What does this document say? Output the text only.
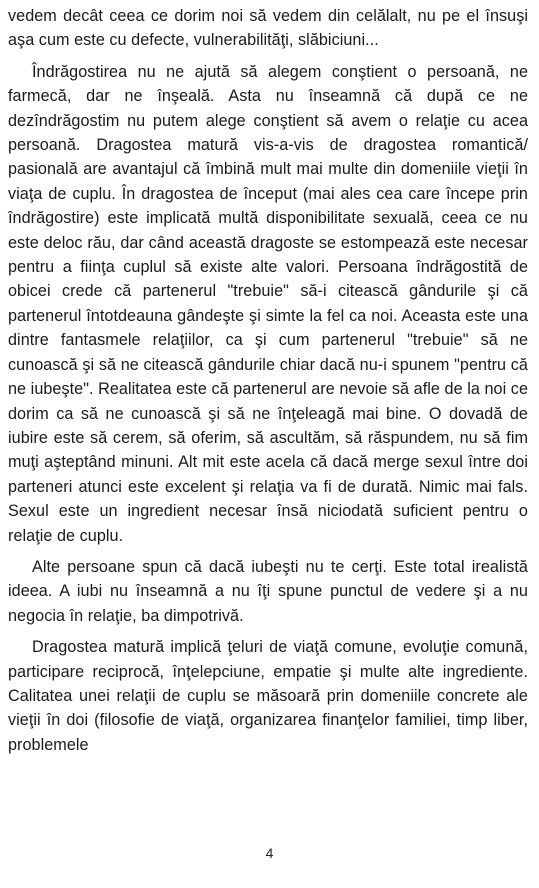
vedem decât ceea ce dorim noi să vedem din celălalt, nu pe el însuşi aşa cum este cu defecte, vulnerabilităţi, slăbiciuni...

Îndrăgostirea nu ne ajută să alegem conştient o persoană, ne farmecă, dar ne înşeală. Asta nu înseamnă că după ce ne dezîndrăgostim nu putem alege conştient să avem o relaţie cu acea persoană. Dragostea matură vis-a-vis de dragostea romantică/ pasională are avantajul că îmbină mult mai multe din domeniile vieţii în viaţa de cuplu. În dragostea de început (mai ales cea care începe prin îndrăgostire) este implicată multă disponibilitate sexuală, ceea ce nu este deloc rău, dar când această dragoste se estompează este necesar pentru a fiinţa cuplul să existe alte valori. Persoana îndrăgostită de obicei crede că partenerul "trebuie" să-i citească gândurile şi că partenerul întotdeauna gândeşte şi simte la fel ca noi. Aceasta este una dintre fantasmele relaţiilor, ca şi cum partenerul "trebuie" să ne cunoască şi să ne citească gândurile chiar dacă nu-i spunem "pentru că ne iubeşte". Realitatea este că partenerul are nevoie să afle de la noi ce dorim ca să ne cunoască şi să ne înţeleagă mai bine. O dovadă de iubire este să cerem, să oferim, să ascultăm, să răspundem, nu să fim muţi aşteptând minuni. Alt mit este acela că dacă merge sexul între doi parteneri atunci este excelent şi relaţia va fi de durată. Nimic mai fals. Sexul este un ingredient necesar însă niciodată suficient pentru o relaţie de cuplu.

Alte persoane spun că dacă iubeşti nu te cerţi. Este total irealistă ideea. A iubi nu înseamnă a nu îţi spune punctul de vedere şi a nu negocia în relaţie, ba dimpotrivă.

Dragostea matură implică ţeluri de viaţă comune, evoluţie comună, participare reciprocă, înţelepciune, empatie şi multe alte ingrediente. Calitatea unei relaţii de cuplu se măsoară prin domeniile concrete ale vieţii în doi (filosofie de viaţă, organizarea finanţelor familiei, timp liber, problemele

4
